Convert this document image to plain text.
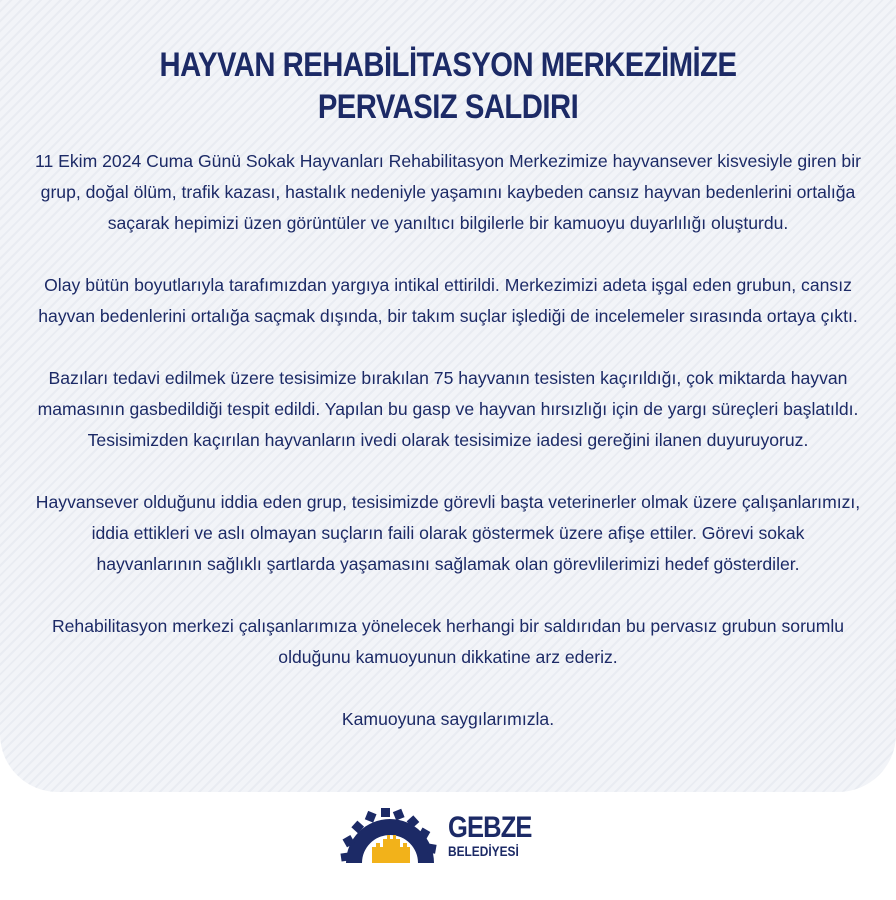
HAYVAN REHABİLİTASYON MERKEZİMİZE
PERVASIZ SALDIRI
11 Ekim 2024 Cuma Günü Sokak Hayvanları Rehabilitasyon Merkezimize hayvansever kisvesiyle giren bir
grup, doğal ölüm, trafik kazası, hastalık nedeniyle yaşamını kaybeden cansız hayvan bedenlerini ortalığa
saçarak hepimizi üzen görüntüler ve yanıltıcı bilgilerle bir kamuoyu duyarlılığı oluşturdu.
Olay bütün boyutlarıyla tarafımızdan yargıya intikal ettirildi. Merkezimizi adeta işgal eden grubun, cansız
hayvan bedenlerini ortalığa saçmak dışında, bir takım suçlar işlediği de incelemeler sırasında ortaya çıktı.
Bazıları tedavi edilmek üzere tesisimize bırakılan 75 hayvanın tesisten kaçırıldığı, çok miktarda hayvan
mamasının gasbedildiği tespit edildi. Yapılan bu gasp ve hayvan hırsızlığı için de yargı süreçleri başlatıldı.
Tesisimizden kaçırılan hayvanların ivedi olarak tesisimize iadesi gereğini ilanen duyuruyoruz.
Hayvansever olduğunu iddia eden grup, tesisimizde görevli başta veterinerler olmak üzere çalışanlarımızı,
iddia ettikleri ve aslı olmayan suçların faili olarak göstermek üzere afişe ettiler. Görevi sokak
hayvanlarının sağlıklı şartlarda yaşamasını sağlamak olan görevlilerimizi hedef gösterdiler.
Rehabilitasyon merkezi çalışanlarımıza yönelecek herhangi bir saldırıdan bu pervasız grubun sorumlu
olduğunu kamuoyunun dikkatine arz ederiz.
Kamuoyuna saygılarımızla.
GEBZE
BELEDİYESİ
